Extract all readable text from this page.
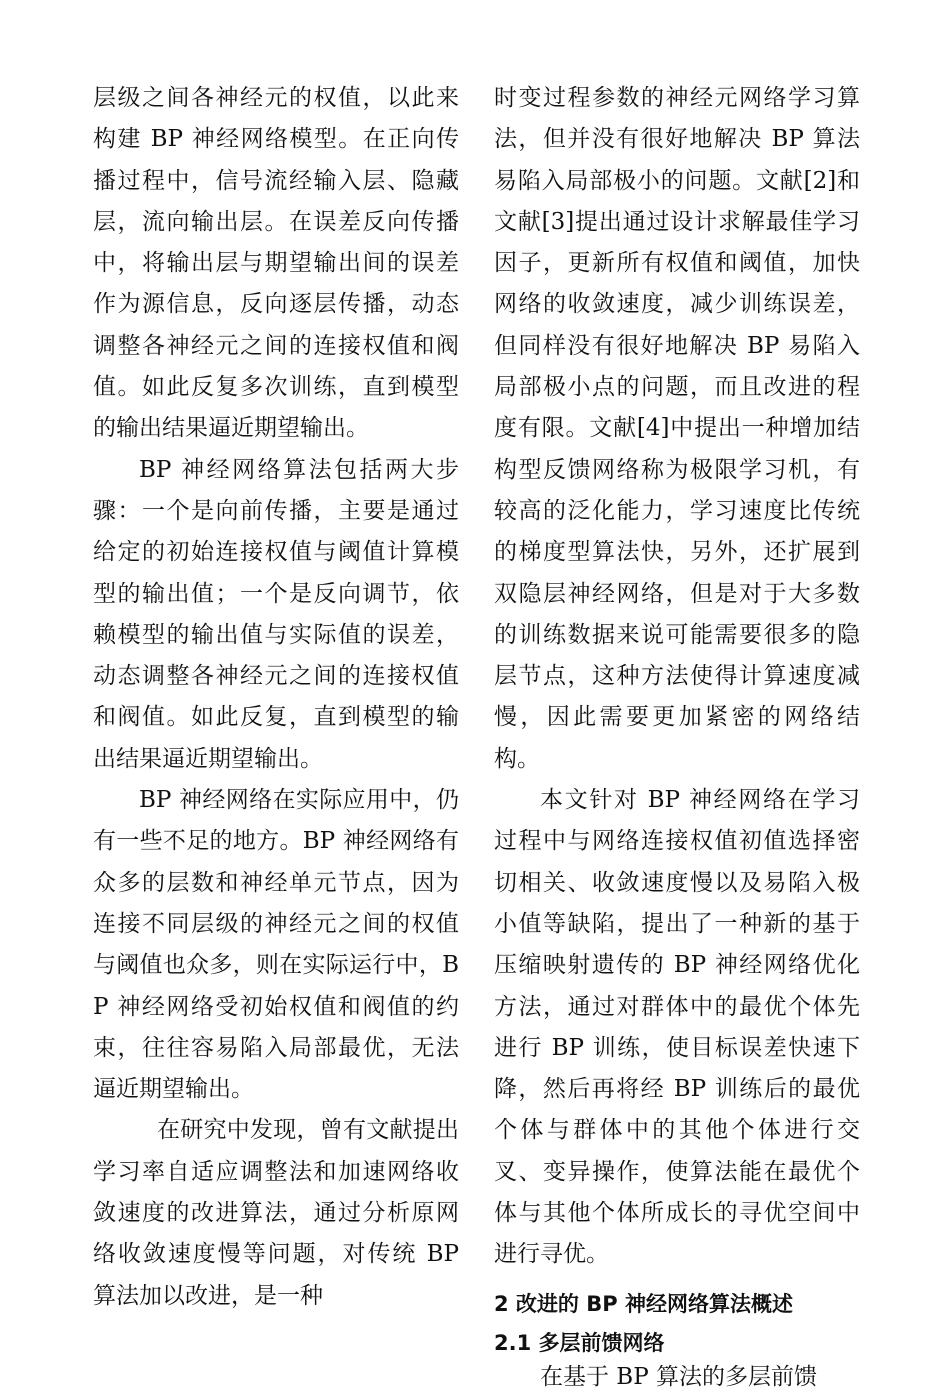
层级之间各神经元的权值，以此来构建 BP 神经网络模型。在正向传播过程中，信号流经输入层、隐藏层，流向输出层。在误差反向传播中，将输出层与期望输出间的误差作为源信息，反向逐层传播，动态调整各神经元之间的连接权值和阀值。如此反复多次训练，直到模型的输出结果逼近期望输出。

BP 神经网络算法包括两大步骤：一个是向前传播，主要是通过给定的初始连接权值与阈值计算模型的输出值；一个是反向调节，依赖模型的输出值与实际值的误差，动态调整各神经元之间的连接权值和阀值。如此反复，直到模型的输出结果逼近期望输出。

BP 神经网络在实际应用中，仍有一些不足的地方。BP 神经网络有众多的层数和神经单元节点，因为连接不同层级的神经元之间的权值与阈值也众多，则在实际运行中，BP 神经网络受初始权值和阀值的约束，往往容易陷入局部最优，无法逼近期望输出。

在研究中发现，曾有文献提出学习率自适应调整法和加速网络收敛速度的改进算法，通过分析原网络收敛速度慢等问题，对传统 BP 算法加以改进，是一种

时变过程参数的神经元网络学习算法，但并没有很好地解决 BP 算法易陷入局部极小的问题。文献[2]和文献[3]提出通过设计求解最佳学习因子，更新所有权值和阈值，加快网络的收敛速度，减少训练误差，但同样没有很好地解决 BP 易陷入局部极小点的问题，而且改进的程度有限。文献[4]中提出一种增加结构型反馈网络称为极限学习机，有较高的泛化能力，学习速度比传统的梯度型算法快，另外，还扩展到双隐层神经网络，但是对于大多数的训练数据来说可能需要很多的隐层节点，这种方法使得计算速度减慢，因此需要更加紧密的网络结构。

本文针对 BP 神经网络在学习过程中与网络连接权值初值选择密切相关、收敛速度慢以及易陷入极小值等缺陷，提出了一种新的基于压缩映射遗传的 BP 神经网络优化方法，通过对群体中的最优个体先进行 BP 训练，使目标误差快速下降，然后再将经 BP 训练后的最优个体与群体中的其他个体进行交叉、变异操作，使算法能在最优个体与其他个体所成长的寻优空间中进行寻优。

2 改进的 BP 神经网络算法概述
2.1 多层前馈网络

在基于 BP 算法的多层前馈
